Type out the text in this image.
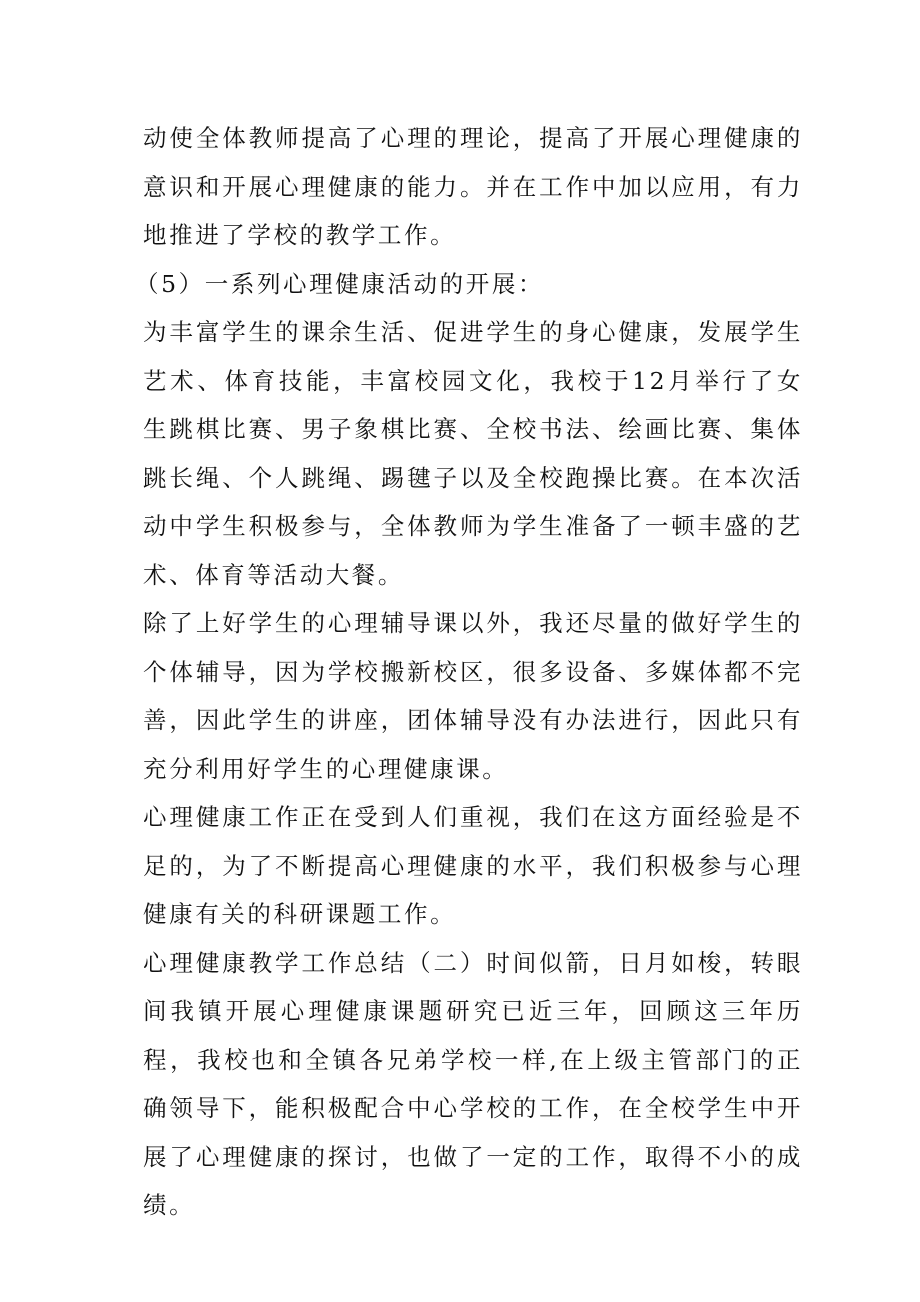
动使全体教师提高了心理的理论，提高了开展心理健康的意识和开展心理健康的能力。并在工作中加以应用，有力地推进了学校的教学工作。

（5）一系列心理健康活动的开展：

为丰富学生的课余生活、促进学生的身心健康，发展学生艺术、体育技能，丰富校园文化，我校于12月举行了女生跳棋比赛、男子象棋比赛、全校书法、绘画比赛、集体跳长绳、个人跳绳、踢毽子以及全校跑操比赛。在本次活动中学生积极参与，全体教师为学生准备了一顿丰盛的艺术、体育等活动大餐。

除了上好学生的心理辅导课以外，我还尽量的做好学生的个体辅导，因为学校搬新校区，很多设备、多媒体都不完善，因此学生的讲座，团体辅导没有办法进行，因此只有充分利用好学生的心理健康课。

心理健康工作正在受到人们重视，我们在这方面经验是不足的，为了不断提高心理健康的水平，我们积极参与心理健康有关的科研课题工作。

心理健康教学工作总结（二）时间似箭，日月如梭，转眼间我镇开展心理健康课题研究已近三年，回顾这三年历程，我校也和全镇各兄弟学校一样,在上级主管部门的正确领导下，能积极配合中心学校的工作，在全校学生中开展了心理健康的探讨，也做了一定的工作，取得不小的成绩。
